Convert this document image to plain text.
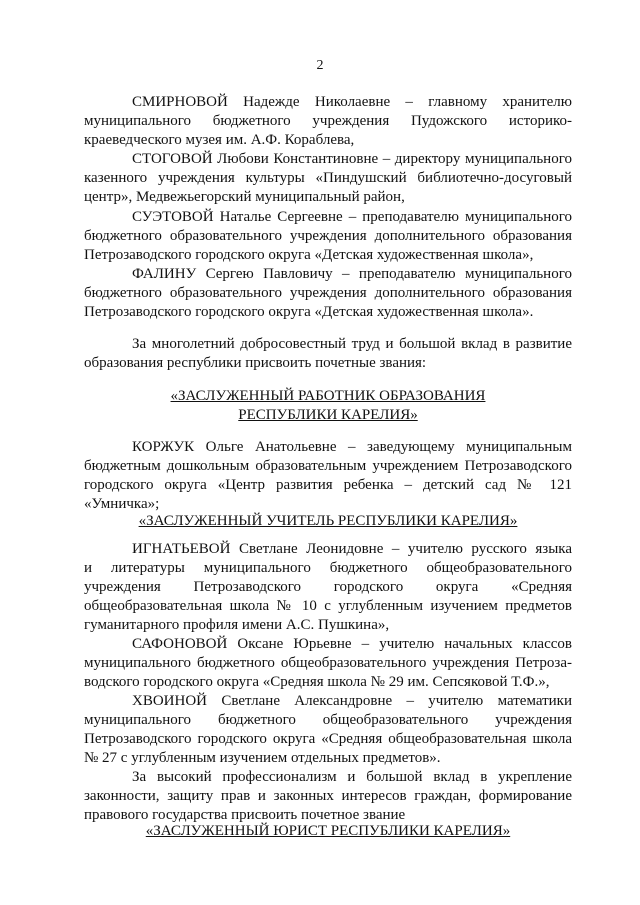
2
СМИРНОВОЙ Надежде Николаевне – главному хранителю
муниципального бюджетного учреждения Пудожского историко-
краеведческого музея им. А.Ф. Кораблева,
СТОГОВОЙ Любови Константиновне – директору муниципального
казенного учреждения культуры «Пиндушский библиотечно-досуговый
центр», Медвежьегорский муниципальный район,
СУЭТОВОЙ Наталье Сергеевне – преподавателю муниципального
бюджетного образовательного учреждения дополнительного образования
Петрозаводского городского округа «Детская художественная школа»,
ФАЛИНУ Сергею Павловичу – преподавателю муниципального
бюджетного образовательного учреждения дополнительного образования
Петрозаводского городского округа «Детская художественная школа».
За многолетний добросовестный труд и большой вклад в развитие
образования республики присвоить почетные звания:
«ЗАСЛУЖЕННЫЙ РАБОТНИК ОБРАЗОВАНИЯ
РЕСПУБЛИКИ КАРЕЛИЯ»
КОРЖУК Ольге Анатольевне – заведующему муниципальным
бюджетным дошкольным образовательным учреждением Петрозаводского
городского округа «Центр развития ребенка – детский сад № 121
«Умничка»;
«ЗАСЛУЖЕННЫЙ УЧИТЕЛЬ РЕСПУБЛИКИ КАРЕЛИЯ»
ИГНАТЬЕВОЙ Светлане Леонидовне – учителю русского языка
и литературы муниципального бюджетного общеобразовательного
учреждения Петрозаводского городского округа «Средняя
общеобразовательная школа № 10 с углубленным изучением предметов
гуманитарного профиля имени А.С. Пушкина»,
САФОНОВОЙ Оксане Юрьевне – учителю начальных классов
муниципального бюджетного общеобразовательного учреждения Петроза-
водского городского округа «Средняя школа № 29 им. Сепсяковой Т.Ф.»,
ХВОИНОЙ Светлане Александровне – учителю математики
муниципального бюджетного общеобразовательного учреждения
Петрозаводского городского округа «Средняя общеобразовательная школа
№ 27 с углубленным изучением отдельных предметов».
За высокий профессионализм и большой вклад в укрепление
законности, защиту прав и законных интересов граждан, формирование
правового государства присвоить почетное звание
«ЗАСЛУЖЕННЫЙ ЮРИСТ РЕСПУБЛИКИ КАРЕЛИЯ»
